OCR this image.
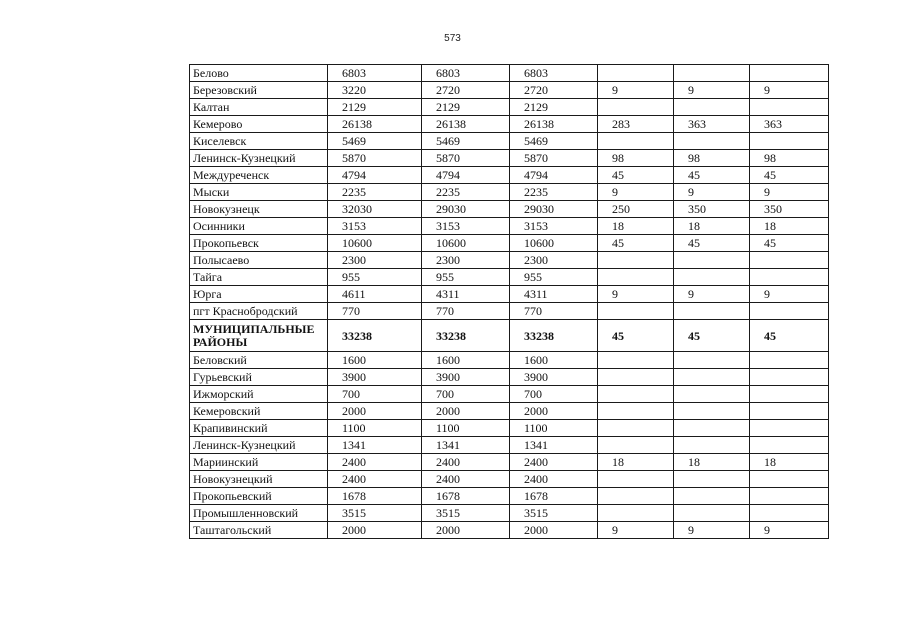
573
Белово	6803	6803	6803			
Березовский	3220	2720	2720	9	9	9
Калтан	2129	2129	2129			
Кемерово	26138	26138	26138	283	363	363
Киселевск	5469	5469	5469			
Ленинск-Кузнецкий	5870	5870	5870	98	98	98
Междуреченск	4794	4794	4794	45	45	45
Мыски	2235	2235	2235	9	9	9
Новокузнецк	32030	29030	29030	250	350	350
Осинники	3153	3153	3153	18	18	18
Прокопьевск	10600	10600	10600	45	45	45
Полысаево	2300	2300	2300			
Тайга	955	955	955			
Юрга	4611	4311	4311	9	9	9
пгт Краснобродский	770	770	770			
МУНИЦИПАЛЬНЫЕ РАЙОНЫ	33238	33238	33238	45	45	45
Беловский	1600	1600	1600			
Гурьевский	3900	3900	3900			
Ижморский	700	700	700			
Кемеровский	2000	2000	2000			
Крапивинский	1100	1100	1100			
Ленинск-Кузнецкий	1341	1341	1341			
Мариинский	2400	2400	2400	18	18	18
Новокузнецкий	2400	2400	2400			
Прокопьевский	1678	1678	1678			
Промышленновский	3515	3515	3515			
Таштагольский	2000	2000	2000	9	9	9
